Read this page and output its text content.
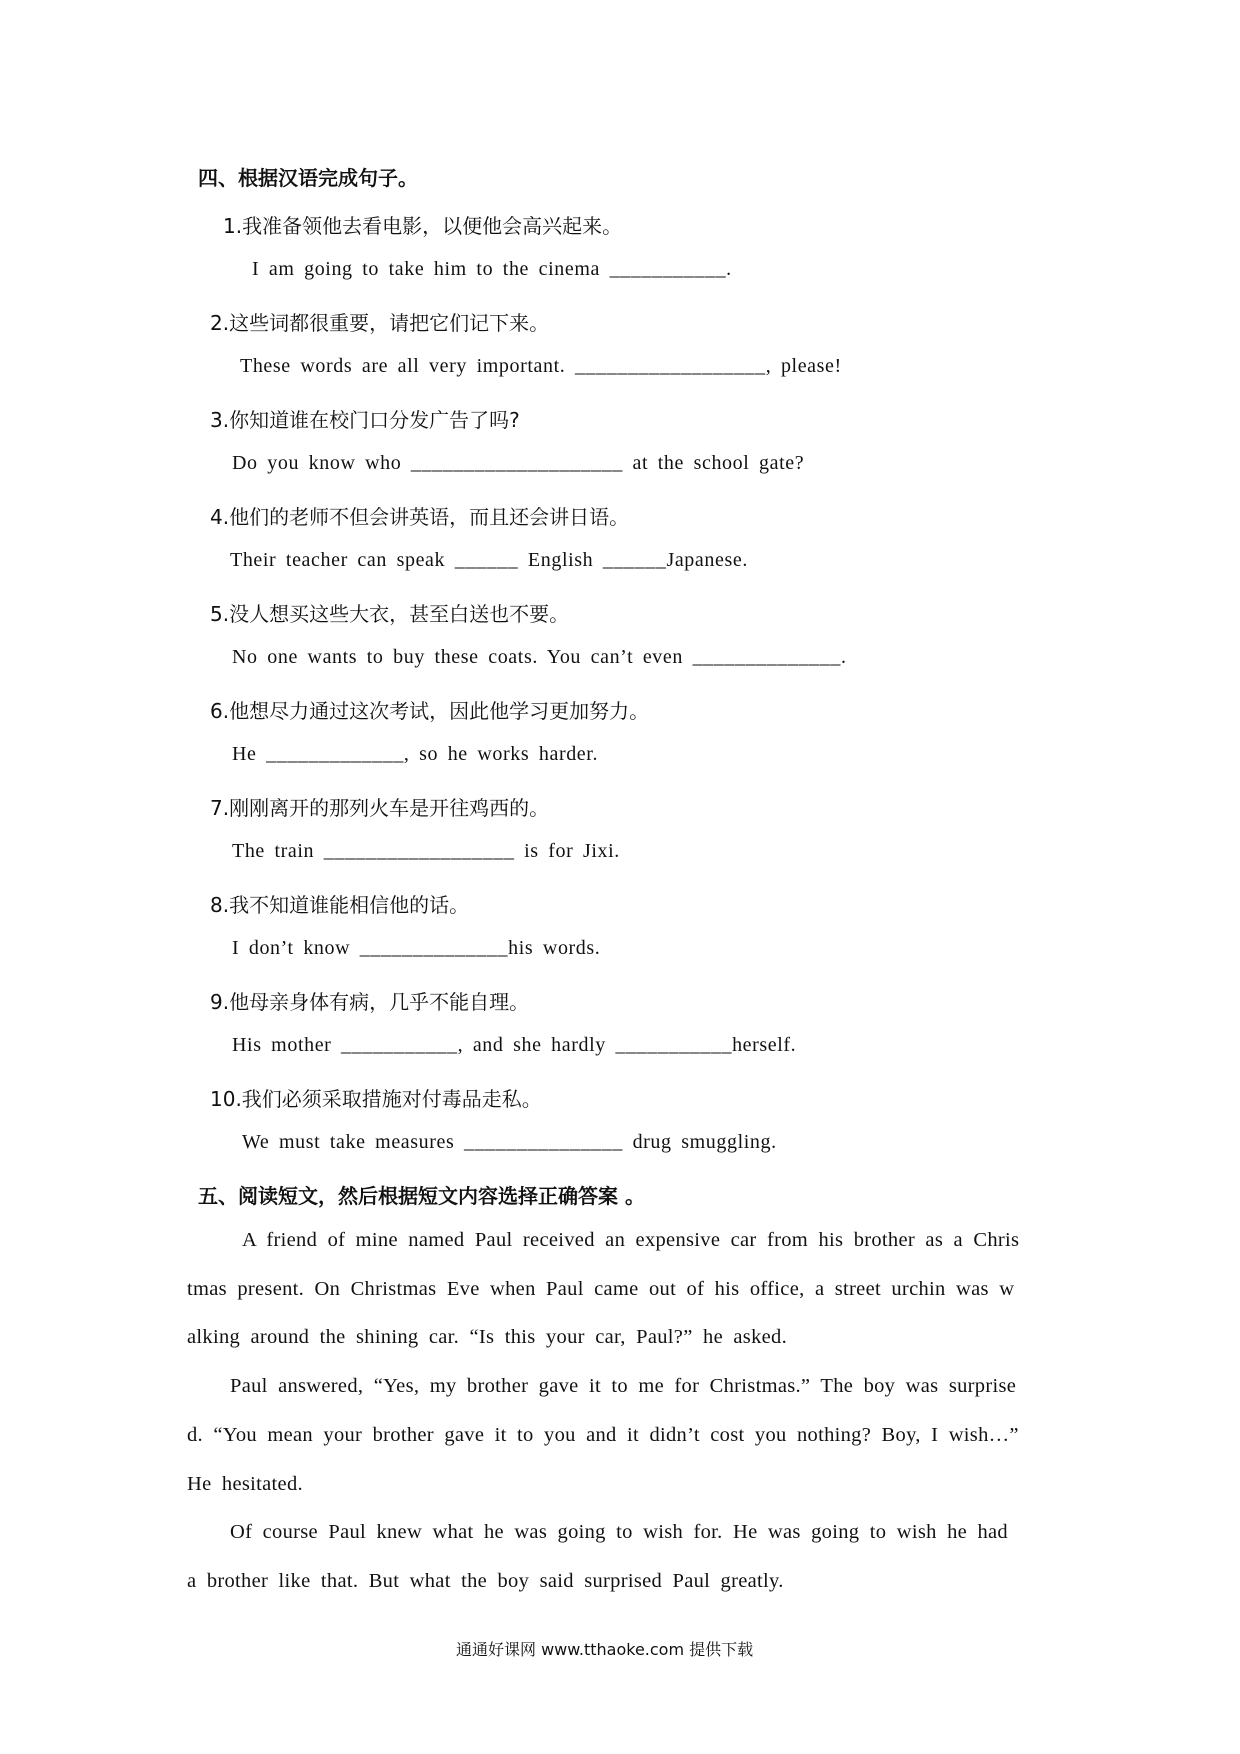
四、根据汉语完成句子。
1.我准备领他去看电影，以便他会高兴起来。
I am going to take him to the cinema ___________.
2.这些词都很重要，请把它们记下来。
These words are all very important. __________________, please!
3.你知道谁在校门口分发广告了吗?
Do you know who ____________________ at the school gate?
4.他们的老师不但会讲英语，而且还会讲日语。
Their teacher can speak ______ English ______Japanese.
5.没人想买这些大衣，甚至白送也不要。
No one wants to buy these coats. You can’t even ______________.
6.他想尽力通过这次考试，因此他学习更加努力。
He _____________, so he works harder.
7.刚刚离开的那列火车是开往鸡西的。
The train __________________ is for Jixi.
8.我不知道谁能相信他的话。
I don’t know ______________his words.
9.他母亲身体有病，几乎不能自理。
His mother ___________, and she hardly ___________herself.
10.我们必须采取措施对付毒品走私。
We must take measures _______________ drug smuggling.
五、阅读短文，然后根据短文内容选择正确答案 。
A friend of mine named Paul received an expensive car from his brother as a Chris
tmas present. On Christmas Eve when Paul came out of his office, a street urchin was w
alking around the shining car. “Is this your car, Paul?” he asked.
Paul answered, “Yes, my brother gave it to me for Christmas.” The boy was surprise
d. “You mean your brother gave it to you and it didn’t cost you nothing? Boy, I wish…”
He hesitated.
Of course Paul knew what he was going to wish for. He was going to wish he had
a brother like that. But what the boy said surprised Paul greatly.
通通好课网 www.tthaoke.com 提供下载
